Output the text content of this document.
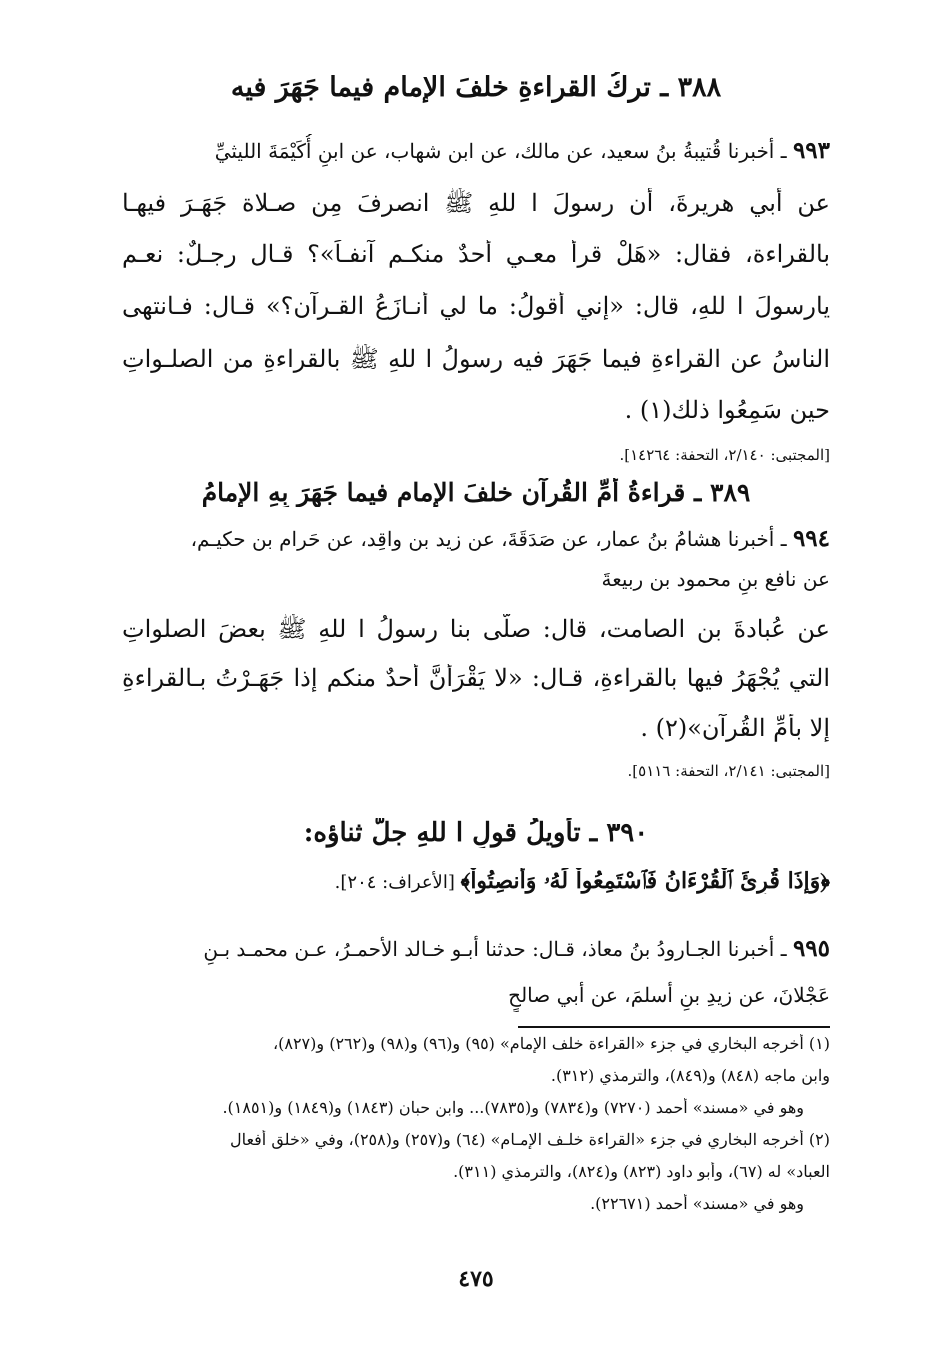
٣٨٨ ـ تركُ القراءةِ خلفَ الإمامِ فيما جَهَرَ فيه
٩٩٣ ـ أخبرنا قُتيبةُ بنُ سعيد، عن مالك، عن ابن شهاب، عن ابنِ أُكَيْمَةَ الليثيِّ
عن أبي هريرةَ، أن رسولَ ا للهِ ﷺ انصرفَ مِن صـلاة جَهَـرَ فيهـا
بالقراءة، فقال: «هَلْ قرأ معـي أحدٌ منكـم آنفـاً»؟ قـال رجـلٌ: نعـم
يارسولَ ا للهِ، قال: «إني أقولُ: ما لي أُنـازَعُ القـرآن؟» قـال: فـانتهى
الناسُ عن القراءةِ فيما جَهَرَ فيه رسولُ ا للهِ ﷺ بالقراءةِ من الصلـواتِ
حين سَمِعُوا ذلك(١) .
[المجتبى: ٢/١٤٠، التحفة: ١٤٢٦٤].
٣٨٩ ـ قراءةُ أُمِّ القُرآن خلفَ الإمام فيما جَهَرَ بِهِ الإمامُ
٩٩٤ ـ أخبرنا هشامُ بنُ عمار، عن صَدَقَةَ، عن زيد بن واقِد، عن حَرام بن حكيـم،
عن نافع بنِ محمود بن ربيعةَ
عن عُبادةَ بن الصامت، قال: صلَّى بنا رسولُ ا للهِ ﷺ بعضَ الصلواتِ
التي يُجْهَرُ فيها بالقراءةِ، قـال: «لا يَقْرَأَنَّ أحدٌ منكم إذا جَهَـرْتُ بـالقراءةِ
إلا بأُمِّ القُرآن»(٢) .
[المجتبى: ٢/١٤١، التحفة: ٥١١٦].
٣٩٠ ـ تأويلُ قولِ ا للهِ جلَّ ثناؤه:
﴿وَإِذَا قُرِئَ ٱلْقُرْءَانُ فَٱسْتَمِعُواْ لَهُۥ وَأَنصِتُواْ﴾ [الأعراف: ٢٠٤].
٩٩٥ ـ أخبرنا الجـارودُ بنُ معاذ، قـال: حدثنا أبـو خـالد الأحمـرُ، عـن محمـد بـنِ
عَجْلانَ، عن زيدِ بنِ أسلمَ، عن أبي صالحٍ
(١) أخرجه البخاري في جزء «القراءة خلف الإمام» (٩٥) و(٩٦) و(٩٨) و(٢٦٢) و(٨٢٧)،
وابن ماجه (٨٤٨) و(٨٤٩)، والترمذي (٣١٢).
وهو في «مسند» أحمد (٧٢٧٠) و(٧٨٣٤) و(٧٨٣٥)... وابن حبان (١٨٤٣) و(١٨٤٩) و(١٨٥١).
(٢) أخرجه البخاري في جزء «القراءة خلـف الإمـام» (٦٤) و(٢٥٧) و(٢٥٨)، وفي «خلق أفعال
العباد» له (٦٧)، وأبو داود (٨٢٣) و(٨٢٤)، والترمذي (٣١١).
وهو في «مسند» أحمد (٢٢٦٧١).
٤٧٥
